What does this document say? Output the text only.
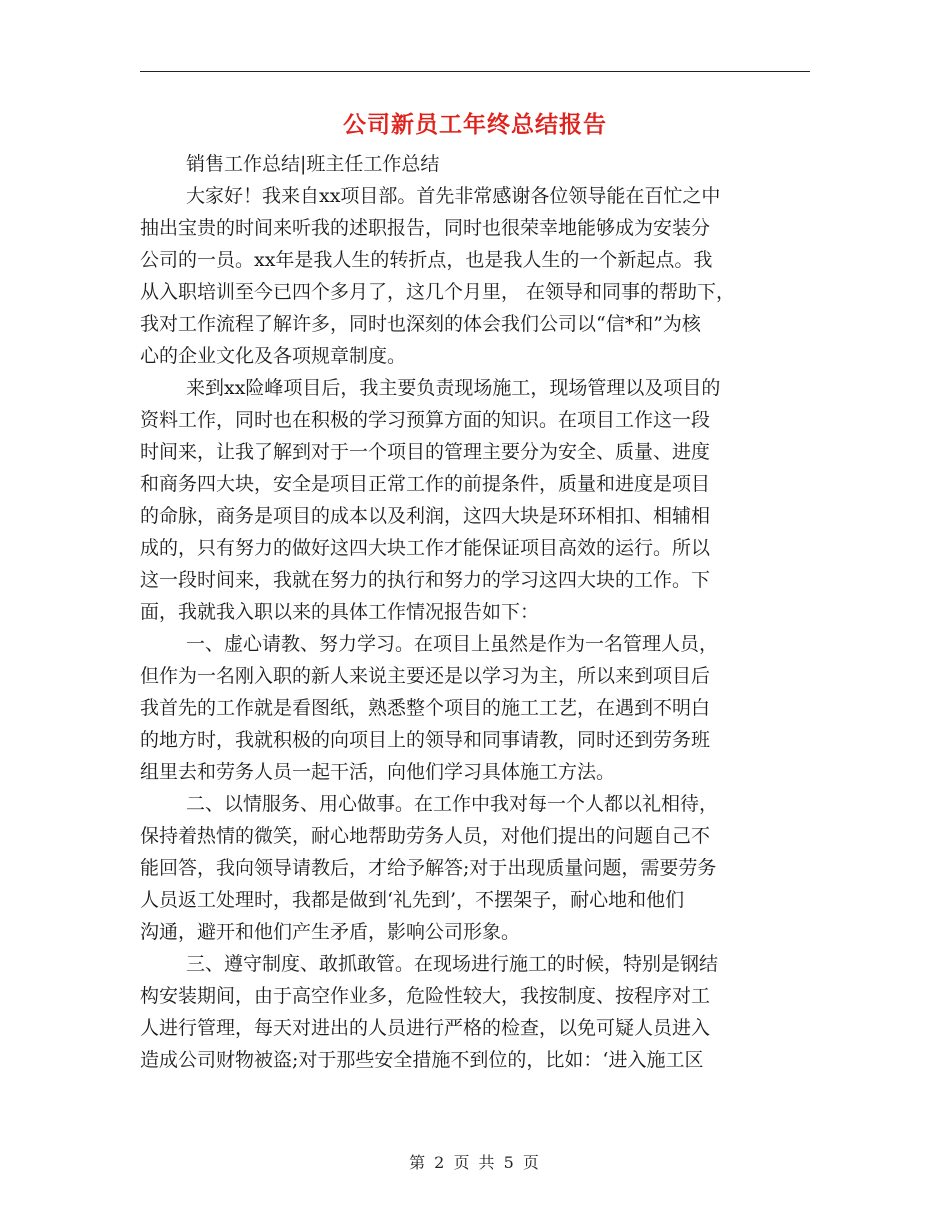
公司新员工年终总结报告
销售工作总结|班主任工作总结
大家好！我来自xx项目部。首先非常感谢各位领导能在百忙之中
抽出宝贵的时间来听我的述职报告，同时也很荣幸地能够成为安装分
公司的一员。xx年是我人生的转折点，也是我人生的一个新起点。我
从入职培训至今已四个多月了，这几个月里， 在领导和同事的帮助下，
我对工作流程了解许多，同时也深刻的体会我们公司以“信*和”为核
心的企业文化及各项规章制度。
来到xx险峰项目后，我主要负责现场施工，现场管理以及项目的
资料工作，同时也在积极的学习预算方面的知识。在项目工作这一段
时间来，让我了解到对于一个项目的管理主要分为安全、质量、进度
和商务四大块，安全是项目正常工作的前提条件，质量和进度是项目
的命脉，商务是项目的成本以及利润，这四大块是环环相扣、相辅相
成的，只有努力的做好这四大块工作才能保证项目高效的运行。所以
这一段时间来，我就在努力的执行和努力的学习这四大块的工作。下
面，我就我入职以来的具体工作情况报告如下：
一、虚心请教、努力学习。在项目上虽然是作为一名管理人员，
但作为一名刚入职的新人来说主要还是以学习为主，所以来到项目后
我首先的工作就是看图纸，熟悉整个项目的施工工艺，在遇到不明白
的地方时，我就积极的向项目上的领导和同事请教，同时还到劳务班
组里去和劳务人员一起干活，向他们学习具体施工方法。
二、以情服务、用心做事。在工作中我对每一个人都以礼相待，
保持着热情的微笑，耐心地帮助劳务人员，对他们提出的问题自己不
能回答，我向领导请教后，才给予解答;对于出现质量问题，需要劳务
人员返工处理时，我都是做到‘礼先到’，不摆架子，耐心地和他们
沟通，避开和他们产生矛盾，影响公司形象。
三、遵守制度、敢抓敢管。在现场进行施工的时候，特别是钢结
构安装期间，由于高空作业多，危险性较大，我按制度、按程序对工
人进行管理，每天对进出的人员进行严格的检查，以免可疑人员进入
造成公司财物被盗;对于那些安全措施不到位的，比如：‘进入施工区
第 2 页 共 5 页
